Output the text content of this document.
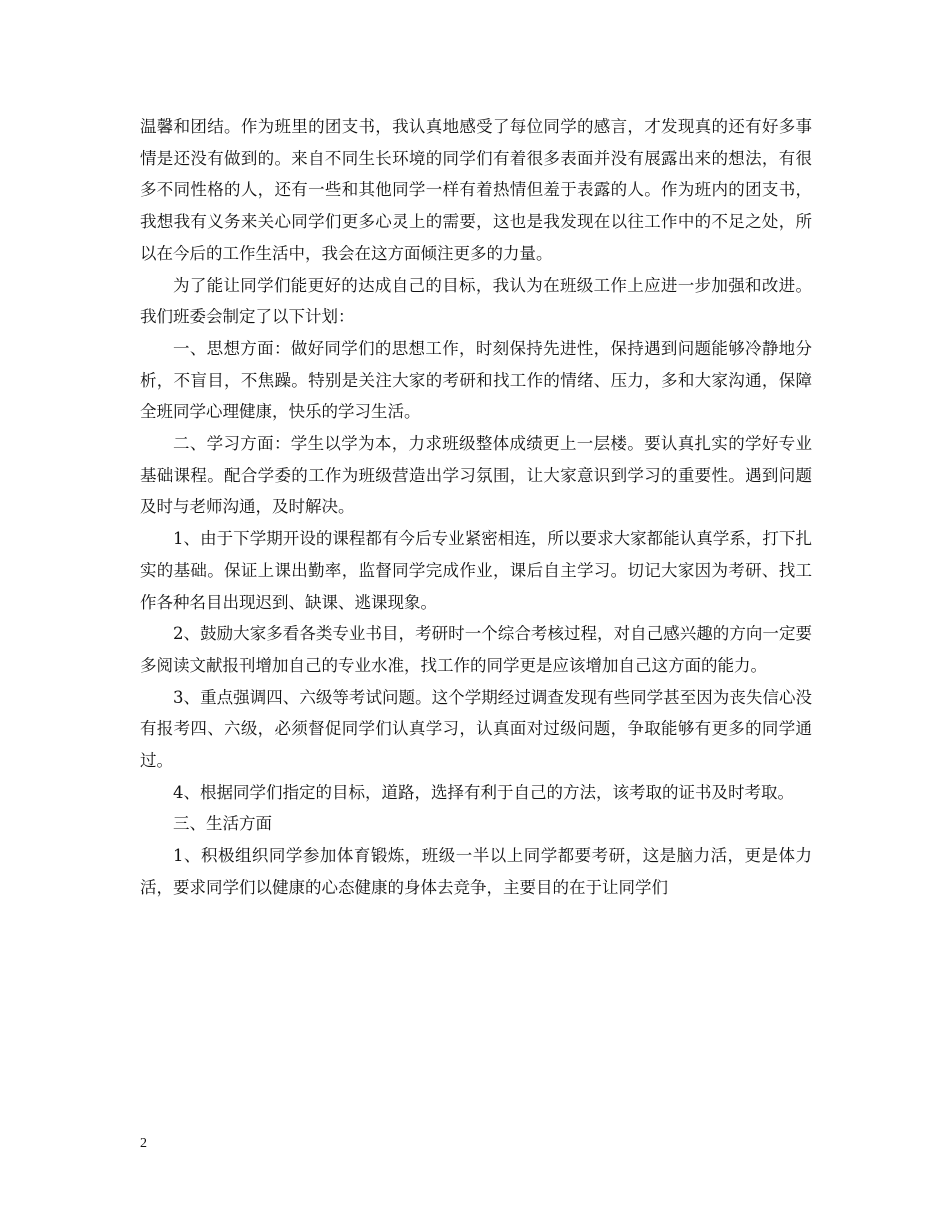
温馨和团结。作为班里的团支书，我认真地感受了每位同学的感言，才发现真的还有好多事情是还没有做到的。来自不同生长环境的同学们有着很多表面并没有展露出来的想法，有很多不同性格的人，还有一些和其他同学一样有着热情但羞于表露的人。作为班内的团支书，我想我有义务来关心同学们更多心灵上的需要，这也是我发现在以往工作中的不足之处，所以在今后的工作生活中，我会在这方面倾注更多的力量。

为了能让同学们能更好的达成自己的目标，我认为在班级工作上应进一步加强和改进。我们班委会制定了以下计划：

一、思想方面：做好同学们的思想工作，时刻保持先进性，保持遇到问题能够冷静地分析，不盲目，不焦躁。特别是关注大家的考研和找工作的情绪、压力，多和大家沟通，保障全班同学心理健康，快乐的学习生活。

二、学习方面：学生以学为本，力求班级整体成绩更上一层楼。要认真扎实的学好专业基础课程。配合学委的工作为班级营造出学习氛围，让大家意识到学习的重要性。遇到问题及时与老师沟通，及时解决。

1、由于下学期开设的课程都有今后专业紧密相连，所以要求大家都能认真学系，打下扎实的基础。保证上课出勤率，监督同学完成作业，课后自主学习。切记大家因为考研、找工作各种名目出现迟到、缺课、逃课现象。

2、鼓励大家多看各类专业书目，考研时一个综合考核过程，对自己感兴趣的方向一定要多阅读文献报刊增加自己的专业水准，找工作的同学更是应该增加自己这方面的能力。

3、重点强调四、六级等考试问题。这个学期经过调查发现有些同学甚至因为丧失信心没有报考四、六级，必须督促同学们认真学习，认真面对过级问题，争取能够有更多的同学通过。

4、根据同学们指定的目标，道路，选择有利于自己的方法，该考取的证书及时考取。

三、生活方面

1、积极组织同学参加体育锻炼，班级一半以上同学都要考研，这是脑力活，更是体力活，要求同学们以健康的心态健康的身体去竞争，主要目的在于让同学们

2
